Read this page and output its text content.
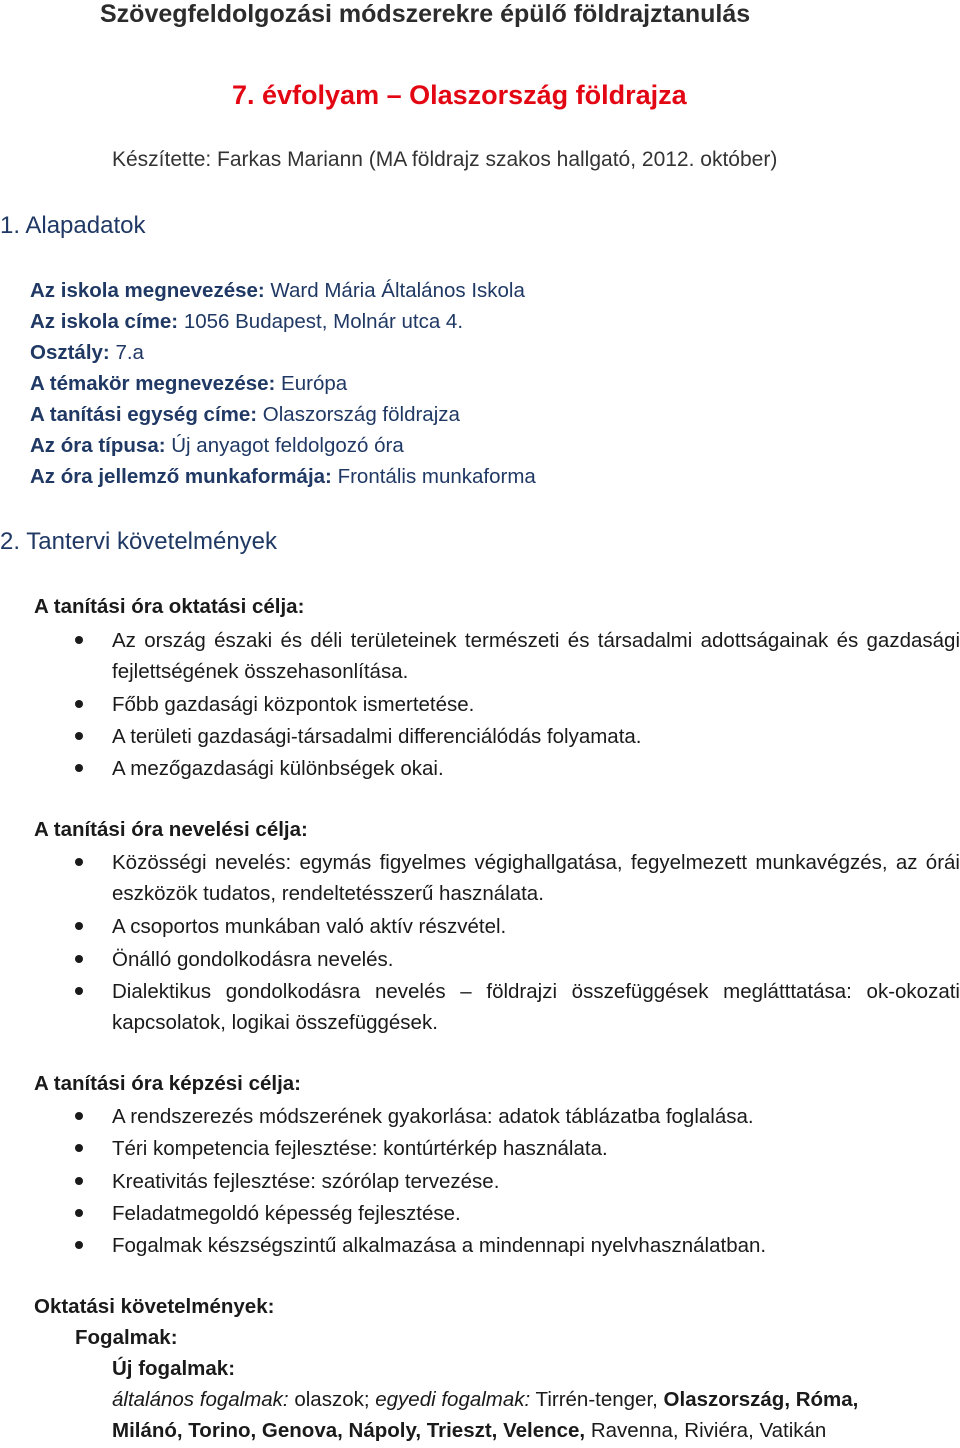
Szövegfeldolgozási módszerekre épülő földrajztanulás
7. évfolyam – Olaszország földrajza
Készítette: Farkas Mariann (MA földrajz szakos hallgató, 2012. október)
1. Alapadatok
Az iskola megnevezése: Ward Mária Általános Iskola
Az iskola címe: 1056 Budapest, Molnár utca 4.
Osztály: 7.a
A témakör megnevezése: Európa
A tanítási egység címe: Olaszország földrajza
Az óra típusa: Új anyagot feldolgozó óra
Az óra jellemző munkaformája: Frontális munkaforma
2. Tantervi követelmények
A tanítási óra oktatási célja:
Az ország északi és déli területeinek természeti és társadalmi adottságainak és gazdasági fejlettségének összehasonlítása.
Főbb gazdasági központok ismertetése.
A területi gazdasági-társadalmi differenciálódás folyamata.
A mezőgazdasági különbségek okai.
A tanítási óra nevelési célja:
Közösségi nevelés: egymás figyelmes végighallgatása, fegyelmezett munkavégzés, az órái eszközök tudatos, rendeltetésszerű használata.
A csoportos munkában való aktív részvétel.
Önálló gondolkodásra nevelés.
Dialektikus gondolkodásra nevelés – földrajzi összefüggések meglátttatása: ok-okozati kapcsolatok, logikai összefüggések.
A tanítási óra képzési célja:
A rendszerezés módszerének gyakorlása: adatok táblázatba foglalása.
Téri kompetencia fejlesztése: kontúrtérkép használata.
Kreativitás fejlesztése: szórólap tervezése.
Feladatmegoldó képesség fejlesztése.
Fogalmak készségszintű alkalmazása a mindennapi nyelvhasználatban.
Oktatási követelmények:
Fogalmak:
Új fogalmak:
általános fogalmak: olaszok; egyedi fogalmak: Tirrén-tenger, Olaszország, Róma,
Milánó, Torino, Genova, Nápoly, Trieszt, Velence, Ravenna, Riviéra, Vatikán
